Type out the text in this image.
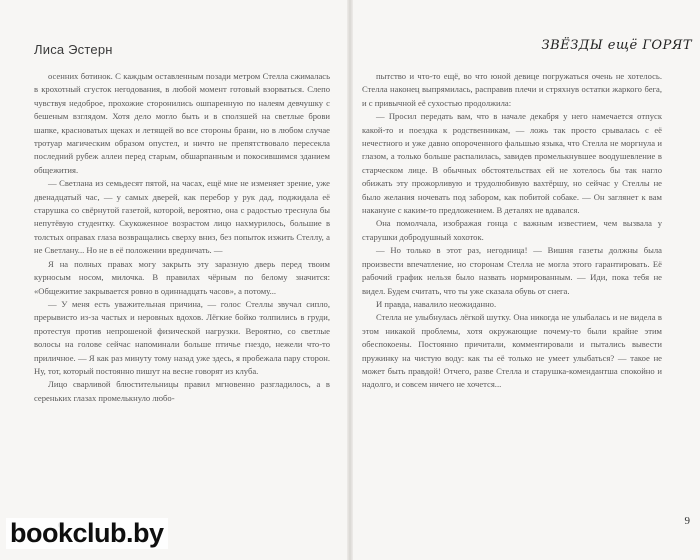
Лиса Эстерн

осенних ботинок. С каждым оставленным позади метром Стелла сжималась в крохотный сгусток негодования, в любой момент готовый взорваться. Слепо чувствуя недоброе, прохожие сторонились ошпаренную по налеям девчушку с бешеным взглядом. Хотя дело могло быть и в сползшей на светлые брови шапке, красноватых щеках и летящей во все стороны брани, но в любом случае тротуар магическим образом опустел, и ничто не препятствовало пересекла последний рубеж аллеи перед старым, обшарпанным и покосившимся зданием общежития.

— Светлана из семьдесят пятой, на часах, ещё мне не изменяет зрение, уже двенадцатый час, — у самых дверей, как перебор у рук дад, поджидала её старушка со свёрнутой газетой, которой, вероятно, она с радостью треснула бы непутёвую студентку. Скукоженное возрастом лицо нахмурилось, большие в толстых оправах глаза возвращались сверху вниз, без попыток изжить Стеллу, а не Светлану... Но не в её положении вредничать. —

Я на полных правах могу закрыть эту заразную дверь перед твоим курносым носом, милочка. В правилах чёрным по белому значится: «Общежитие закрывается ровно в одиннадцать часов», а потому...

— У меня есть уважительная причина, — голос Стеллы звучал сипло, прерывисто из-за частых и неровных вдохов. Лёгкие бойко толпились в груди, протестуя против непрошеной физической нагрузки. Вероятно, со светлые волосы на голове сейчас напоминали больше птичье гнездо, нежели что-то приличное. — Я как раз минуту тому назад уже здесь, я пробежала пару сторон. Ну, тот, который постоянно пишут на весне говорят из клуба.

Лицо сварливой блюстительницы правил мгновенно разгладилось, а в серенькиx глазах промелькнуло любо-

ЗВЁЗДЫ ещё ГОРЯТ

пытство и что-то ещё, во что юной девице погружаться очень не хотелось. Стелла наконец выпрямилась, расправив плечи и стряхнув остатки жаркого бега, и с привычной её сухостью продолжила:

— Просил передать вам, что в начале декабря у него намечается отпуск какой-то и поездка к родственникам, — ложь так просто срывалась с её нечестного и уже давно опороченного фальшью языка, что Стелла не моргнула и глазом, а только больше распалилась, завидев промелькнувшее воодушевление в старческом лице. В обычных обстоятельствах ей не хотелось бы так нагло обижать эту прожорливую и трудолюбивую вахтёршу, но сейчас у Стеллы не было желания ночевать под забором, как побитой собаке. — Он заглянет к вам накануне с каким-то предложением. В деталях не вдавался.

Она помолчала, изображая гонца с важным известием, чем вызвала у старушки добродушный хохоток.

— Но только в этот раз, негодница! — Вишня газеты должны была произвести впечатление, но сторонам Стелла не могла этого гарантировать. Её рабочий график нельзя было назвать нормированным. — Иди, пока тебя не видел. Будем считать, что ты уже сказала обувь от снега.

И правда, навалило неожиданно.

Стелла не улыбнулась лёгкой шутку. Она никогда не улыбалась и не видела в этом никакой проблемы, хотя окружающие почему-то были крайне этим обеспокоены. Постоянно причитали, комментировали и пытались вывести пружинку на чистую воду: как ты её только не умеет улыбаться? — такое не может быть правдой! Отчего, разве Стелла и старушка-комендантша спокойно и надолго, и совсем ничего не хочется...

9
bookclub.by
